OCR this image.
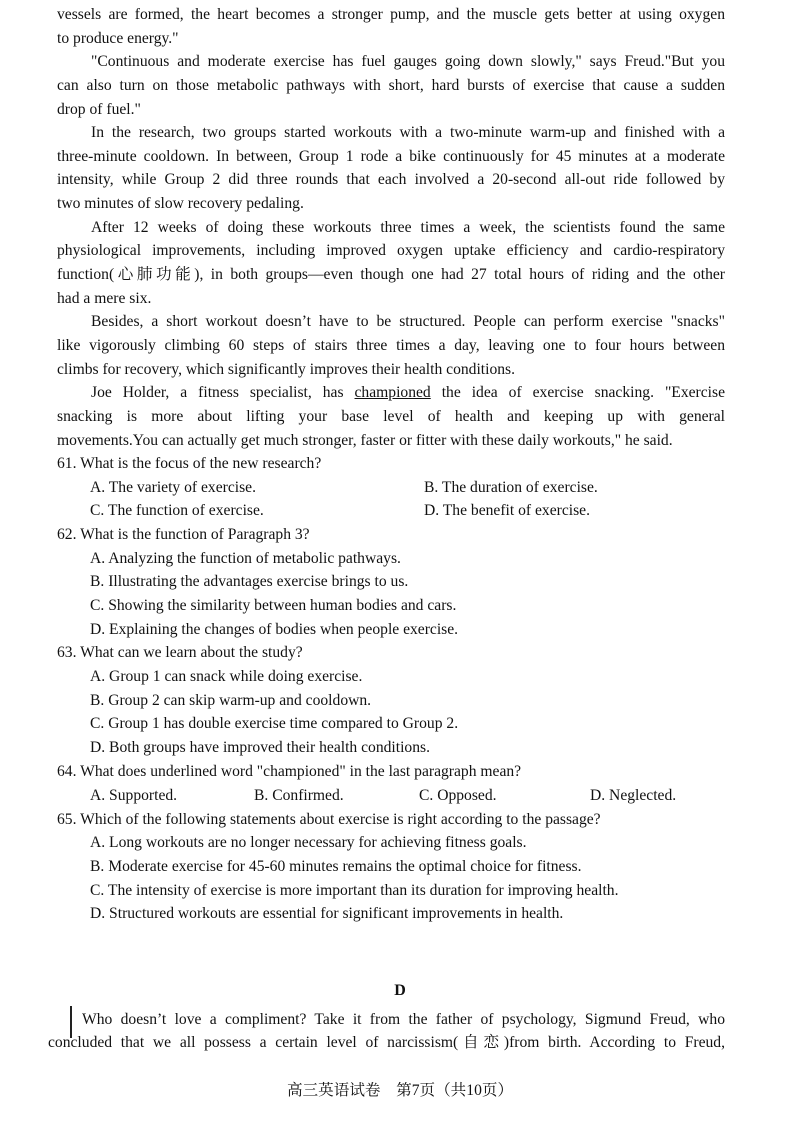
vessels are formed, the heart becomes a stronger pump, and the muscle gets better at using oxygen
to produce energy."
"Continuous and moderate exercise has fuel gauges going down slowly," says Freud."But you
can also turn on those metabolic pathways with short, hard bursts of exercise that cause a sudden
drop of fuel."
In the research, two groups started workouts with a two-minute warm-up and finished with a
three-minute cooldown. In between, Group 1 rode a bike continuously for 45 minutes at a moderate
intensity, while Group 2 did three rounds that each involved a 20-second all-out ride followed by
two minutes of slow recovery pedaling.
After 12 weeks of doing these workouts three times a week, the scientists found the same
physiological improvements, including improved oxygen uptake efficiency and cardio-respiratory
function(心肺功能), in both groups—even though one had 27 total hours of riding and the other
had a mere six.
Besides, a short workout doesn’t have to be structured. People can perform exercise "snacks"
like vigorously climbing 60 steps of stairs three times a day, leaving one to four hours between
climbs for recovery, which significantly improves their health conditions.
Joe Holder, a fitness specialist, has championed the idea of exercise snacking. "Exercise
snacking is more about lifting your base level of health and keeping up with general
movements.You can actually get much stronger, faster or fitter with these daily workouts," he said.
61. What is the focus of the new research?
A. The variety of exercise.	B. The duration of exercise.
C. The function of exercise.	D. The benefit of exercise.
62. What is the function of Paragraph 3?
A. Analyzing the function of metabolic pathways.
B. Illustrating the advantages exercise brings to us.
C. Showing the similarity between human bodies and cars.
D. Explaining the changes of bodies when people exercise.
63. What can we learn about the study?
A. Group 1 can snack while doing exercise.
B. Group 2 can skip warm-up and cooldown.
C. Group 1 has double exercise time compared to Group 2.
D. Both groups have improved their health conditions.
64. What does underlined word "championed" in the last paragraph mean?
A. Supported.	B. Confirmed.	C. Opposed.	D. Neglected.
65. Which of the following statements about exercise is right according to the passage?
A. Long workouts are no longer necessary for achieving fitness goals.
B. Moderate exercise for 45-60 minutes remains the optimal choice for fitness.
C. The intensity of exercise is more important than its duration for improving health.
D. Structured workouts are essential for significant improvements in health.
D
Who doesn’t love a compliment? Take it from the father of psychology, Sigmund Freud, who
concluded that we all possess a certain level of narcissism(自恋)from birth. According to Freud,
高三英语试卷　第7页（共10页）
